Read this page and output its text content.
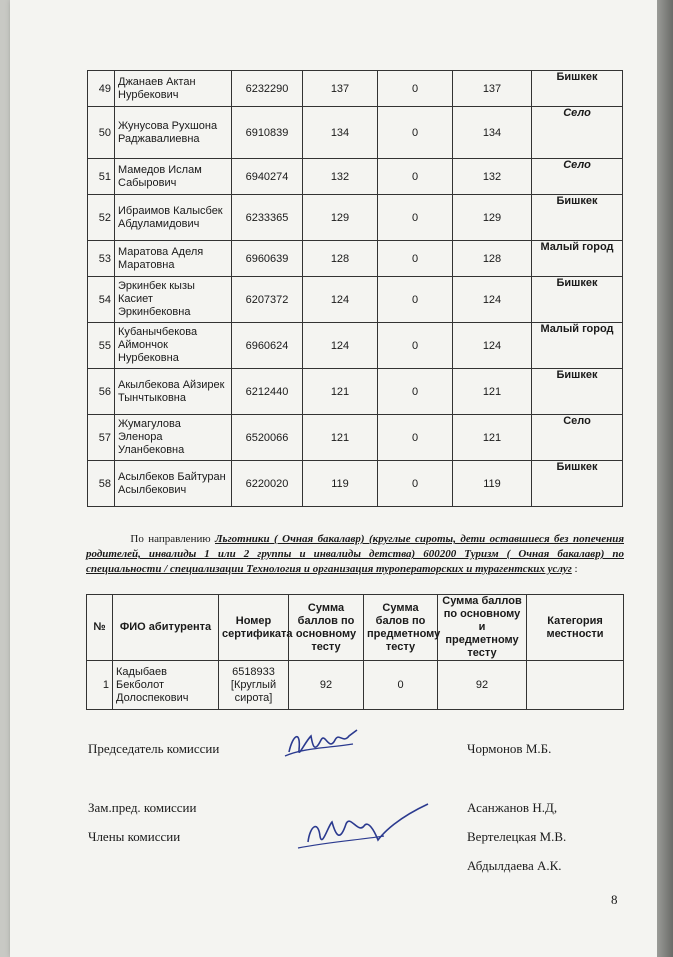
49	Джанаев Актан Нурбекович	6232290	137	0	137	Бишкек
50	Жунусова Рухшона Раджавалиевна	6910839	134	0	134	Село
51	Мамедов Ислам Сабырович	6940274	132	0	132	Село
52	Ибраимов Калысбек Абдуламидович	6233365	129	0	129	Бишкек
53	Маратова Аделя Маратовна	6960639	128	0	128	Малый город
54	Эркинбек кызы Касиет Эркинбековна	6207372	124	0	124	Бишкек
55	Кубанычбекова Аймончок Нурбековна	6960624	124	0	124	Малый город
56	Акылбекова Айзирек Тынчтыковна	6212440	121	0	121	Бишкек
57	Жумагулова Эленора Уланбековна	6520066	121	0	121	Село
58	Асылбеков Байтуран Асылбекович	6220020	119	0	119	Бишкек
По направлению Льготники ( Очная бакалавр) (круглые сироты, дети оставшиеся без попечения родителей, инвалиды 1 или 2 группы и инвалиды детства) 600200 Туризм ( Очная бакалавр) по специальности / специализации Технология и организация туроператорских и турагентских услуг :
№	ФИО абитурента	Номер сертификата	Сумма баллов по основному тесту	Сумма балов по предметному тесту	Сумма баллов по основному и предметному тесту	Категория местности
1	Кадыбаев Бекболот Долоспекович	6518933 [Круглый сирота]	92	0	92	
Председатель комиссии	Чормонов М.Б.
Зам.пред. комиссии	Асанжанов Н.Д,
Члены комиссии	Вертелецкая М.В.
Абдылдаева А.К.
8
